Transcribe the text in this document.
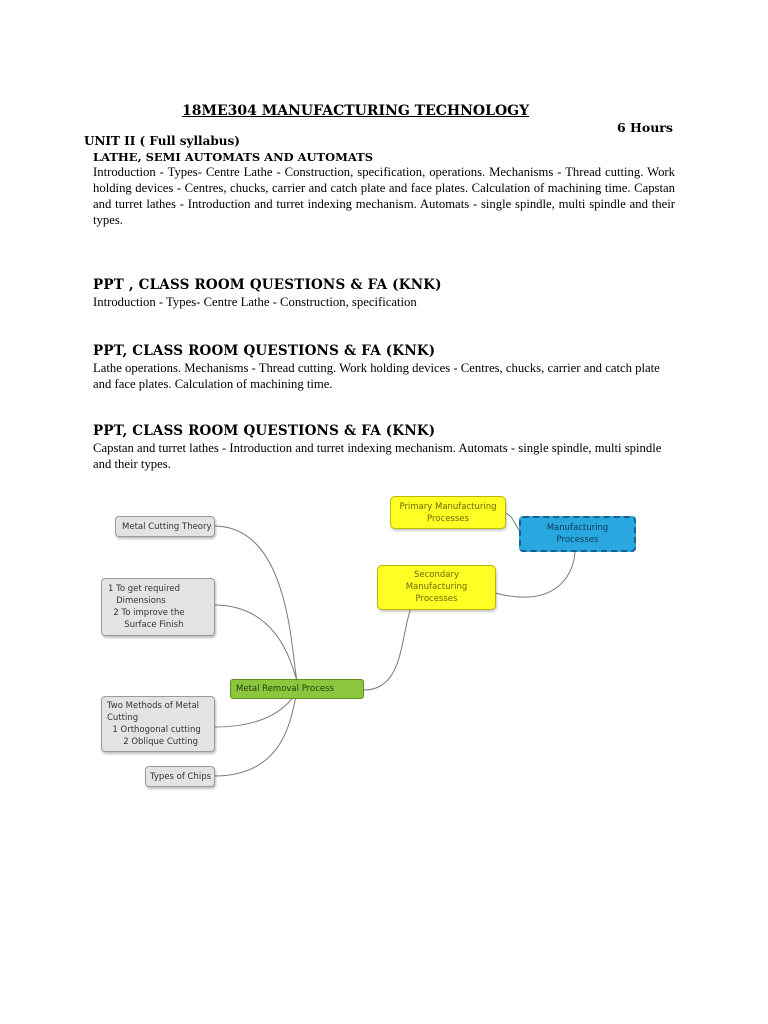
18ME304 MANUFACTURING TECHNOLOGY
6 Hours
UNIT II ( Full syllabus)
LATHE, SEMI AUTOMATS AND AUTOMATS
Introduction - Types- Centre Lathe - Construction, specification, operations. Mechanisms - Thread cutting. Work holding devices - Centres, chucks, carrier and catch plate and face plates. Calculation of machining time. Capstan and turret lathes - Introduction and turret indexing mechanism. Automats - single spindle, multi spindle and their types.
PPT , CLASS ROOM QUESTIONS & FA (KNK)
Introduction - Types- Centre Lathe - Construction, specification
PPT, CLASS ROOM QUESTIONS & FA (KNK)
Lathe operations. Mechanisms - Thread cutting. Work holding devices - Centres, chucks, carrier and catch plate and face plates. Calculation of machining time.
PPT, CLASS ROOM QUESTIONS & FA (KNK)
Capstan and turret lathes - Introduction and turret indexing mechanism. Automats - single spindle, multi spindle and their types.
Primary Manufacturing
Processes
Manufacturing
Processes
Secondary
Manufacturing
Processes
Metal Cutting Theory
1 To get required
Dimensions
2 To improve the
Surface Finish
Metal Removal Process
Two Methods of Metal
Cutting
1 Orthogonal cutting
2 Oblique Cutting
Types of Chips
